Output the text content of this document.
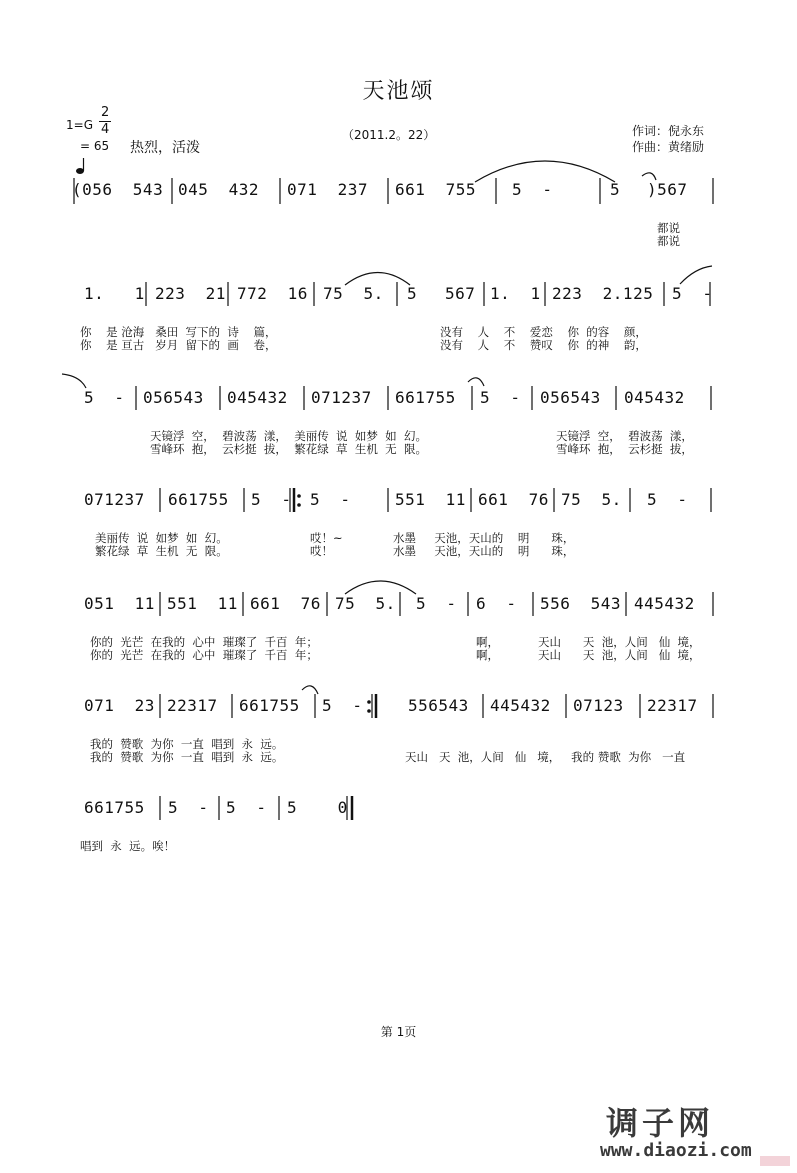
天池颂
1=G
2
4

= 65 热烈，活泼
（2011.2。22）	作词：倪永东
作曲：黄绪励
(056  543 045  432 071  237 661  755 5  -	5 )567
都说
都说
1.   1 223  21 772  16 75  5. 5 567 1.  1 223  2.125 5  -
你    是 沧海   桑田  写下的  诗    篇，	没有    人    不    爱恋    你  的容    颜，
你    是 亘古   岁月  留下的  画    卷，	没有    人    不    赞叹    你  的神    韵，
5  - 056543 045432 071237 661755 5  - 056543 045432
天镜浮  空，  碧波荡  漾，  美丽传  说  如梦  如  幻。	天镜浮  空，  碧波荡  漾，
雪峰环  抱，  云杉挺  拔，  繁花绿  草  生机  无  限。	雪峰环  抱，  云杉挺  拔，
071237 661755 5  - 5  -	551  11 661  76 75  5. 5  -
美丽传  说  如梦  如  幻。	哎！~	水墨     天池，天山的    明      珠，
繁花绿  草  生机  无  限。	哎！	水墨     天池，天山的    明      珠，
051  11 551  11 661  76 75  5. 5  - 6  - 556  543 445432
你的  光芒  在我的  心中  璀璨了  千百  年；	啊，	天山      天  池，人间   仙  境，
你的  光芒  在我的  心中  璀璨了  千百  年；	啊，	天山      天  池，人间   仙  境，
071  23 22317 661755 5  -	556543 445432 07123 22317
我的  赞歌  为你  一直  唱到  永  远。
我的  赞歌  为你  一直  唱到  永  远。	天山   天  池，人间   仙   境，   我的 赞歌  为你   一直
661755 5  - 5  - 5    0
唱到  永  远。唉！
第 1页
调子网
www.diaozi.com
